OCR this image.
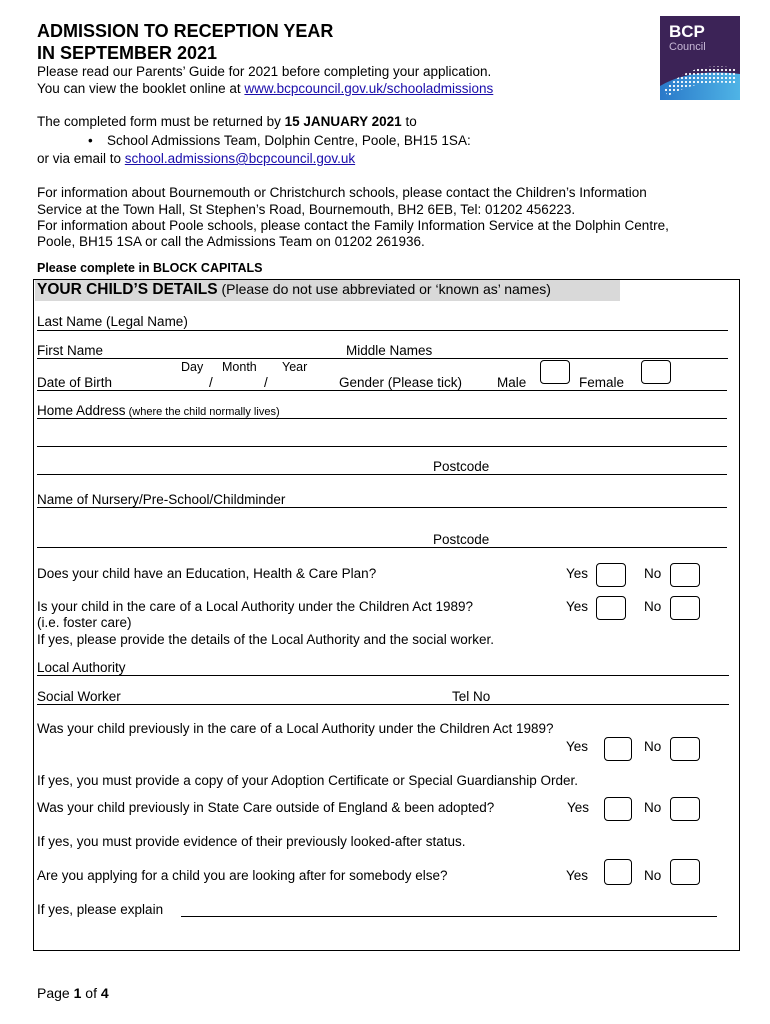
ADMISSION TO RECEPTION YEAR
IN SEPTEMBER 2021
Please read our Parents’ Guide for 2021 before completing your application.
You can view the booklet online at www.bcpcouncil.gov.uk/schooladmissions
BCP
Council
The completed form must be returned by 15 JANUARY 2021 to
• School Admissions Team, Dolphin Centre, Poole, BH15 1SA:
or via email to school.admissions@bcpcouncil.gov.uk
For information about Bournemouth or Christchurch schools, please contact the Children’s Information
Service at the Town Hall, St Stephen’s Road, Bournemouth, BH2 6EB, Tel: 01202 456223.
For information about Poole schools, please contact the Family Information Service at the Dolphin Centre,
Poole, BH15 1SA or call the Admissions Team on 01202 261936.
Please complete in BLOCK CAPITALS
YOUR CHILD’S DETAILS (Please do not use abbreviated or ‘known as’ names)
Last Name (Legal Name)
First Name	Middle Names
Day Month Year
Date of Birth	/	/	Gender (Please tick)	Male	Female
Home Address (where the child normally lives)
Postcode
Name of Nursery/Pre-School/Childminder
Postcode
Does your child have an Education, Health & Care Plan?	Yes	No
Is your child in the care of a Local Authority under the Children Act 1989?
(i.e. foster care)
If yes, please provide the details of the Local Authority and the social worker.
Yes	No
Local Authority
Social Worker	Tel No
Was your child previously in the care of a Local Authority under the Children Act 1989?
Yes	No
If yes, you must provide a copy of your Adoption Certificate or Special Guardianship Order.
Was your child previously in State Care outside of England & been adopted?	Yes	No
If yes, you must provide evidence of their previously looked-after status.
Are you applying for a child you are looking after for somebody else?	Yes	No
If yes, please explain
Page 1 of 4
